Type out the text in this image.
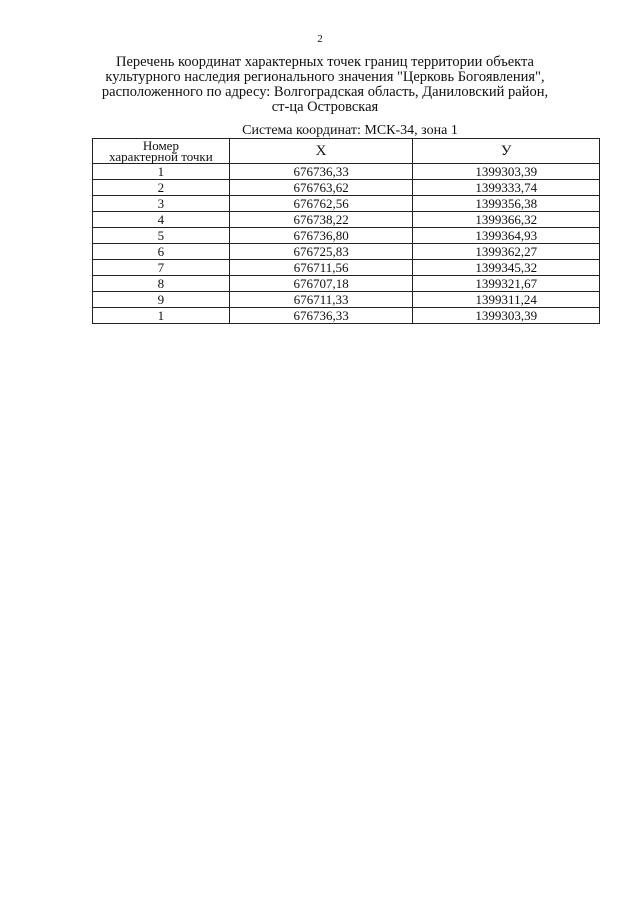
2
Перечень координат характерных точек границ территории объекта
культурного наследия регионального значения "Церковь Богоявления",
расположенного по адресу: Волгоградская область, Даниловский район,
ст-ца Островская
Система координат: МСК-34, зона 1
Номер
характерной точки	X	У
1	676736,33	1399303,39
2	676763,62	1399333,74
3	676762,56	1399356,38
4	676738,22	1399366,32
5	676736,80	1399364,93
6	676725,83	1399362,27
7	676711,56	1399345,32
8	676707,18	1399321,67
9	676711,33	1399311,24
1	676736,33	1399303,39
